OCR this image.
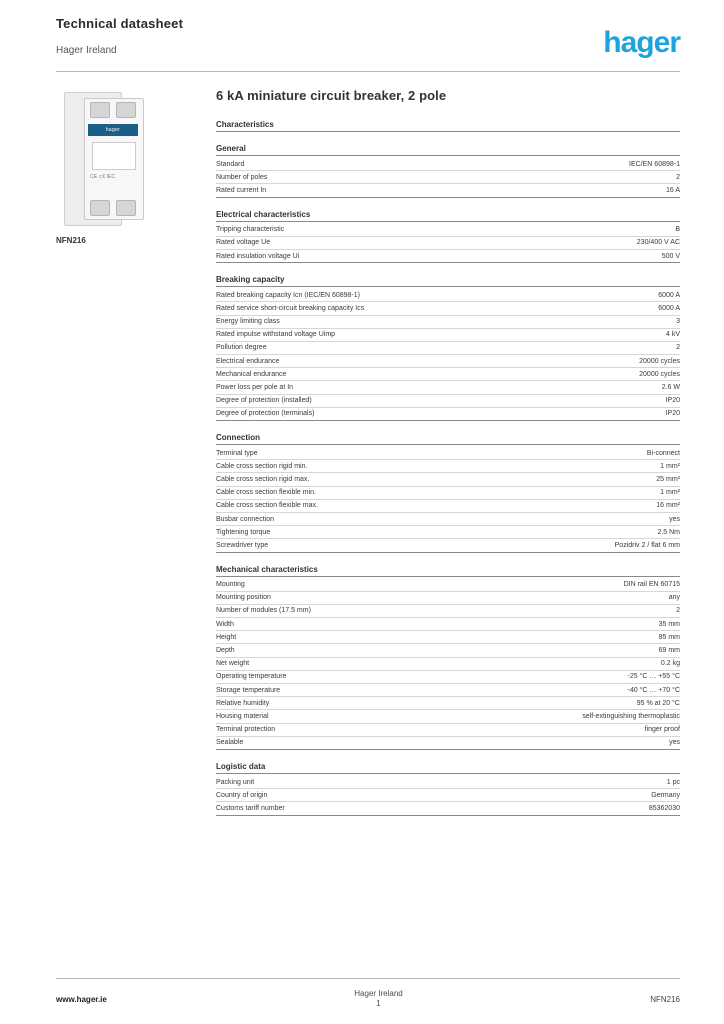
Technical datasheet
Hager Ireland	hager
hager
CE ⊂€ IEC
NFN216
6 kA miniature circuit breaker, 2 pole
Characteristics
General
Standard	IEC/EN 60898-1
Number of poles	2
Rated current In	16 A
Electrical characteristics
Tripping characteristic	B
Rated voltage Ue	230/400 V AC
Rated insulation voltage Ui	500 V
Breaking capacity
Rated breaking capacity Icn (IEC/EN 60898-1)	6000 A
Rated service short-circuit breaking capacity Ics	6000 A
Energy limiting class	3
Rated impulse withstand voltage Uimp	4 kV
Pollution degree	2
Electrical endurance	20000 cycles
Mechanical endurance	20000 cycles
Power loss per pole at In	2.6 W
Degree of protection (installed)	IP20
Degree of protection (terminals)	IP20
Connection
Terminal type	Bi-connect
Cable cross section rigid min.	1 mm²
Cable cross section rigid max.	25 mm²
Cable cross section flexible min.	1 mm²
Cable cross section flexible max.	16 mm²
Busbar connection	yes
Tightening torque	2.5 Nm
Screwdriver type	Pozidriv 2 / flat 6 mm
Mechanical characteristics
Mounting	DIN rail EN 60715
Mounting position	any
Number of modules (17.5 mm)	2
Width	35 mm
Height	85 mm
Depth	69 mm
Net weight	0.2 kg
Operating temperature	-25 °C … +55 °C
Storage temperature	-40 °C … +70 °C
Relative humidity	95 % at 20 °C
Housing material	self-extinguishing thermoplastic
Terminal protection	finger proof
Sealable	yes
Logistic data
Packing unit	1 pc
Country of origin	Germany
Customs tariff number	85362030
www.hager.ie
Hager Ireland
1	NFN216
